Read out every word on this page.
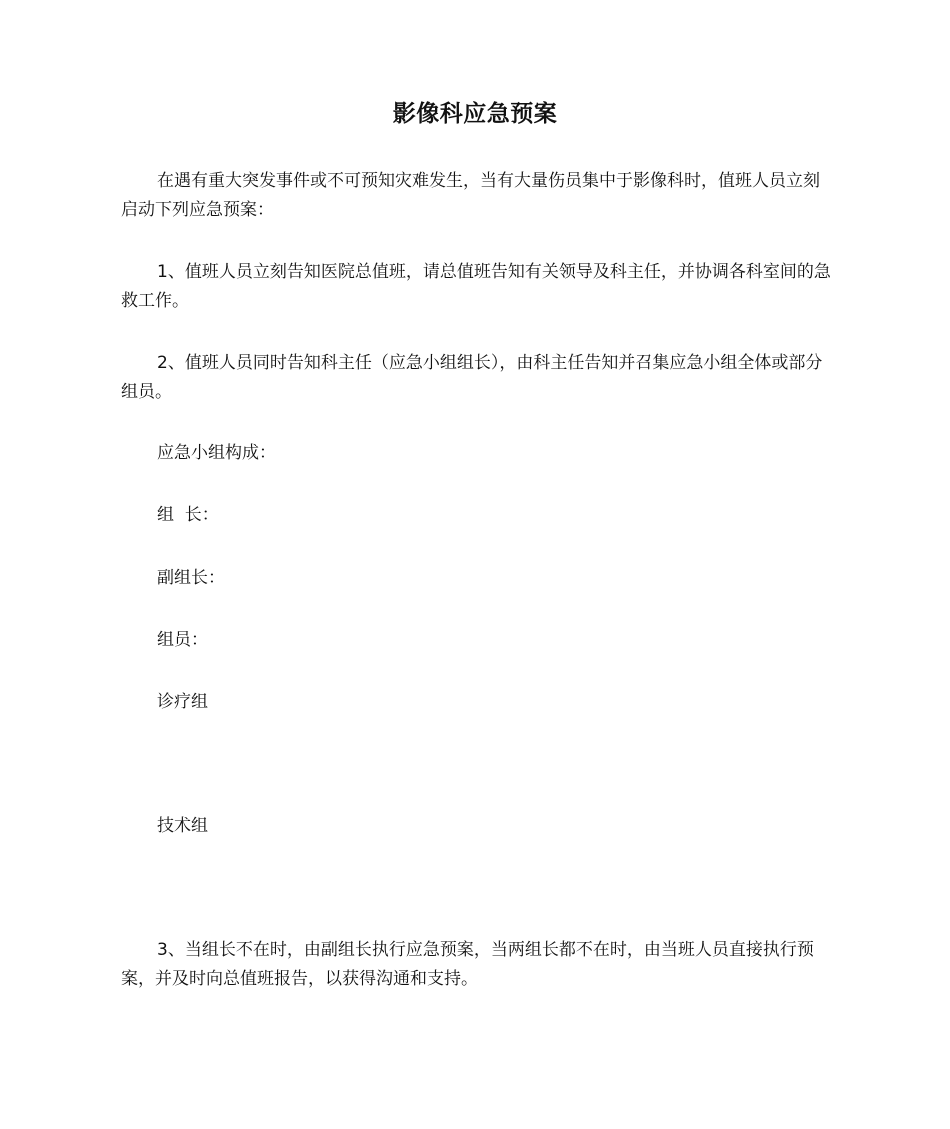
影像科应急预案

在遇有重大突发事件或不可预知灾难发生，当有大量伤员集中于影像科时，值班人员立刻启动下列应急预案：

1、值班人员立刻告知医院总值班，请总值班告知有关领导及科主任，并协调各科室间的急救工作。

2、值班人员同时告知科主任（应急小组组长），由科主任告知并召集应急小组全体或部分组员。

应急小组构成：
组  长：
副组长：
组员：
诊疗组
技术组

3、当组长不在时，由副组长执行应急预案，当两组长都不在时，由当班人员直接执行预案，并及时向总值班报告，以获得沟通和支持。
